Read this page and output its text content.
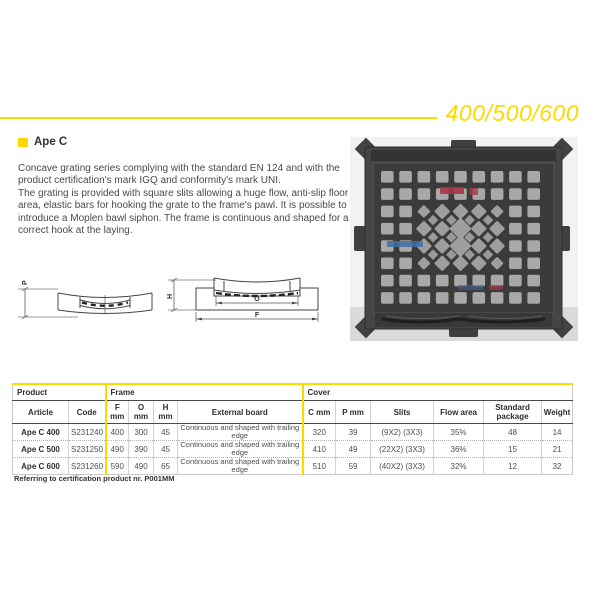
400/500/600
Ape C

Concave grating series complying with the standard EN 124 and with the product certification's mark IGQ and conformity's mark UNI.

The grating is provided with square slits allowing a huge flow, anti-slip floor area, elastic bars for hooking the grate to the frame's pawl. It is possible to introduce a Moplen bawl siphon. The frame is continuous and shaped for a correct hook at the laying.

P
H	O
F
Product		Frame				Cover					
Article	Code	F mm	O mm	H mm	External board	C mm	P mm	Slits	Flow area	Standard package	Weight
Ape C 400	S231240	400	300	45	Continuous and shaped with trailing edge	320	39	(9X2) (3X3)	35%	48	14
Ape C 500	S231250	490	390	45	Continuous and shaped with trailing edge	410	49	(22X2) (3X3)	36%	15	21
Ape C 600	S231260	590	490	65	Continuous and shaped with trailing edge	510	59	(40X2) (3X3)	32%	12	32
Referring to certification product nr. P001MM
